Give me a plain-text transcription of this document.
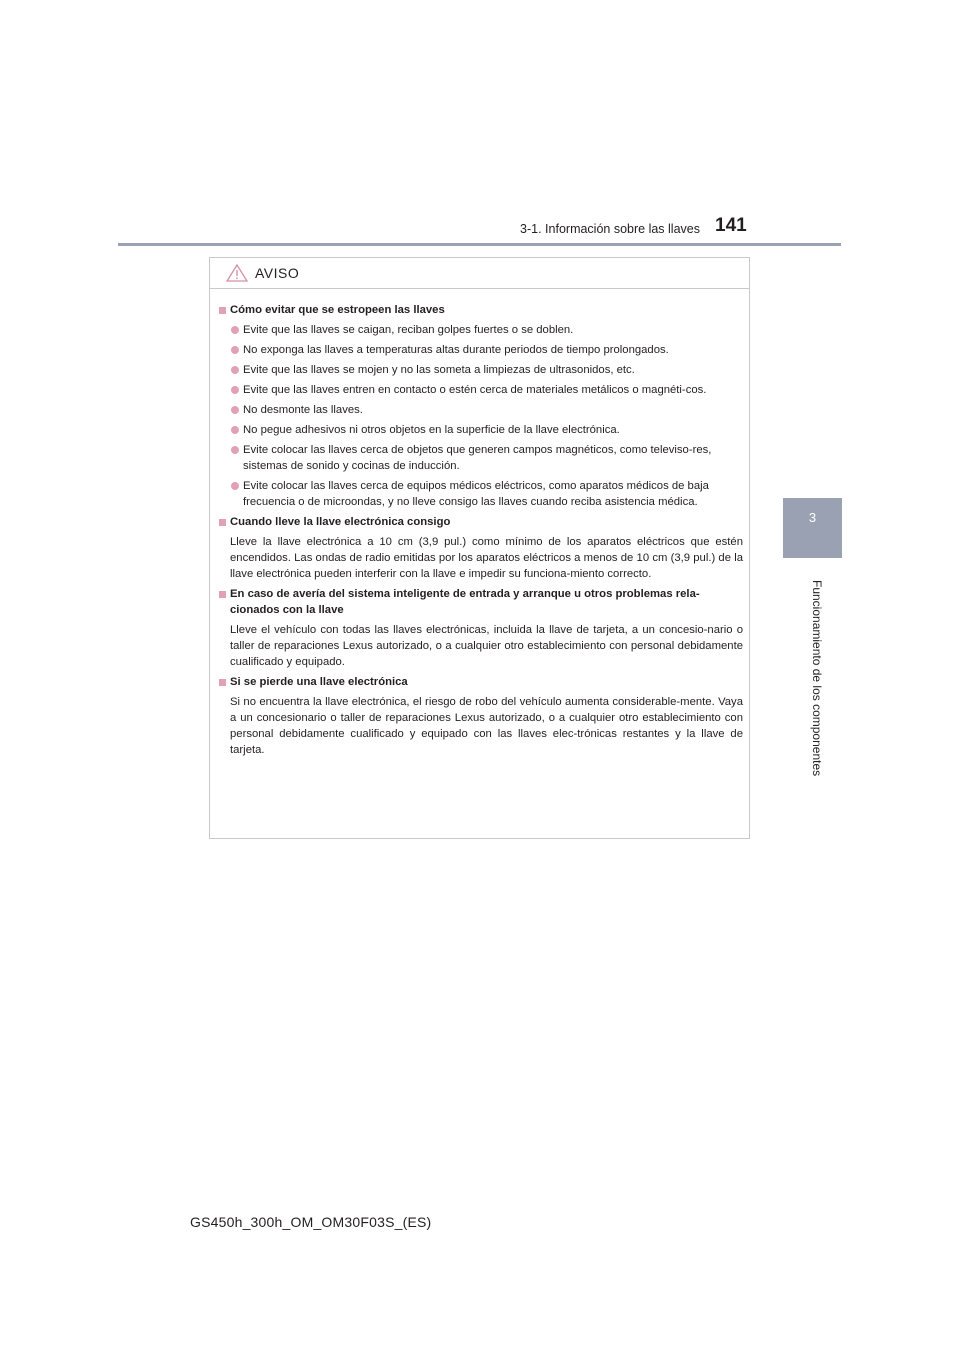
3-1. Información sobre las llaves 141
3
Funcionamiento de los componentes
AVISO
Cómo evitar que se estropeen las llaves
Evite que las llaves se caigan, reciban golpes fuertes o se doblen.
No exponga las llaves a temperaturas altas durante periodos de tiempo prolongados.
Evite que las llaves se mojen y no las someta a limpiezas de ultrasonidos, etc.
Evite que las llaves entren en contacto o estén cerca de materiales metálicos o magnéti-cos.
No desmonte las llaves.
No pegue adhesivos ni otros objetos en la superficie de la llave electrónica.
Evite colocar las llaves cerca de objetos que generen campos magnéticos, como televiso-res, sistemas de sonido y cocinas de inducción.
Evite colocar las llaves cerca de equipos médicos eléctricos, como aparatos médicos de baja frecuencia o de microondas, y no lleve consigo las llaves cuando reciba asistencia médica.
Cuando lleve la llave electrónica consigo
Lleve la llave electrónica a 10 cm (3,9 pul.) como mínimo de los aparatos eléctricos que estén encendidos. Las ondas de radio emitidas por los aparatos eléctricos a menos de 10 cm (3,9 pul.) de la llave electrónica pueden interferir con la llave e impedir su funciona-miento correcto.
En caso de avería del sistema inteligente de entrada y arranque u otros problemas rela-cionados con la llave
Lleve el vehículo con todas las llaves electrónicas, incluida la llave de tarjeta, a un concesio-nario o taller de reparaciones Lexus autorizado, o a cualquier otro establecimiento con personal debidamente cualificado y equipado.
Si se pierde una llave electrónica
Si no encuentra la llave electrónica, el riesgo de robo del vehículo aumenta considerable-mente. Vaya a un concesionario o taller de reparaciones Lexus autorizado, o a cualquier otro establecimiento con personal debidamente cualificado y equipado con las llaves elec-trónicas restantes y la llave de tarjeta.
GS450h_300h_OM_OM30F03S_(ES)
